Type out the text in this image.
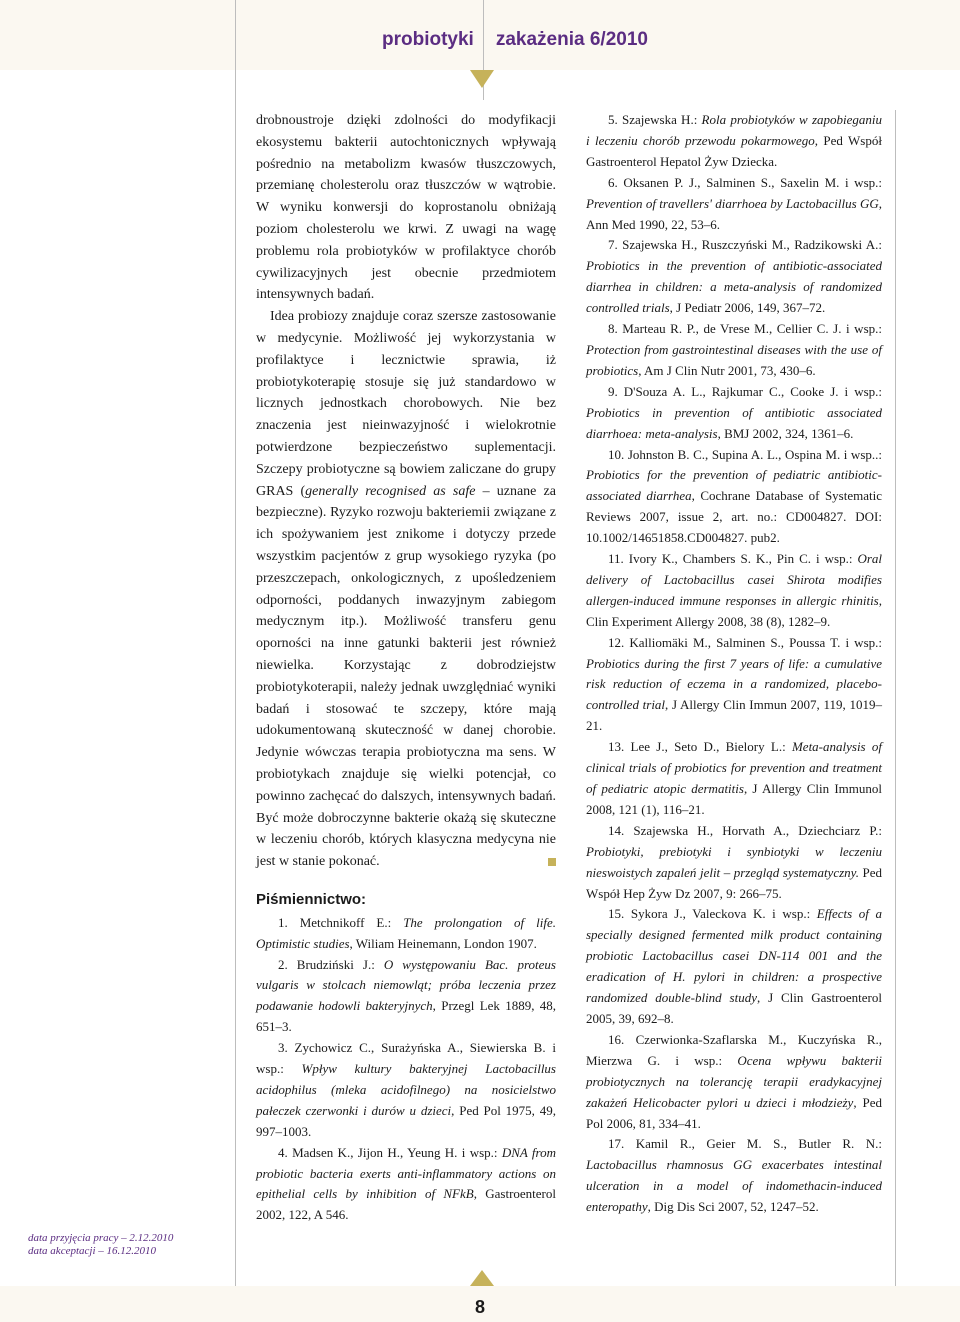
probiotyki zakażenia 6/2010
data przyjęcia pracy – 2.12.2010
data akceptacji – 16.12.2010

drobnoustroje dzięki zdolności do modyfikacji ekosystemu bakterii autochtonicznych wpływają pośrednio na metabolizm kwasów tłuszczowych, przemianę cholesterolu oraz tłuszczów w wątrobie. W wyniku konwersji do koprostanolu obniżają poziom cholesterolu we krwi. Z uwagi na wagę problemu rola probiotyków w profilaktyce chorób cywilizacyjnych jest obecnie przedmiotem intensywnych badań.

Idea probiozy znajduje coraz szersze zastosowanie w medycynie. Możliwość jej wykorzystania w profilaktyce i lecznictwie sprawia, iż probiotykoterapię stosuje się już standardowo w licznych jednostkach chorobowych. Nie bez znaczenia jest nieinwazyjność i wielokrotnie potwierdzone bezpieczeństwo suplementacji. Szczepy probiotyczne są bowiem zaliczane do grupy GRAS (generally recognised as safe – uznane za bezpieczne). Ryzyko rozwoju bakteriemii związane z ich spożywaniem jest znikome i dotyczy przede wszystkim pacjentów z grup wysokiego ryzyka (po przeszczepach, onkologicznych, z upośledzeniem odporności, poddanych inwazyjnym zabiegom medycznym itp.). Możliwość transferu genu oporności na inne gatunki bakterii jest również niewielka. Korzystając z dobrodziejstw probiotykoterapii, należy jednak uwzględniać wyniki badań i stosować te szczepy, które mają udokumentowaną skuteczność w danej chorobie. Jedynie wówczas terapia probiotyczna ma sens. W probiotykach znajduje się wielki potencjał, co powinno zachęcać do dalszych, intensywnych badań. Być może dobroczynne bakterie okażą się skuteczne w leczeniu chorób, których klasyczna medycyna nie jest w stanie pokonać.

Piśmiennictwo:

1. Metchnikoff E.: The prolongation of life. Optimistic studies, Wiliam Heinemann, London 1907.

2. Brudziński J.: O występowaniu Bac. proteus vulgaris w stolcach niemowląt; próba leczenia przez podawanie hodowli bakteryjnych, Przegl Lek 1889, 48, 651–3.

3. Zychowicz C., Surażyńska A., Siewierska B. i wsp.: Wpływ kultury bakteryjnej Lactobacillus acidophilus (mleka acidofilnego) na nosicielstwo pałeczek czerwonki i durów u dzieci, Ped Pol 1975, 49, 997–1003.

4. Madsen K., Jijon H., Yeung H. i wsp.: DNA from probiotic bacteria exerts anti-inflammatory actions on epithelial cells by inhibition of NFkB, Gastroenterol 2002, 122, A 546.

5. Szajewska H.: Rola probiotyków w zapobieganiu i leczeniu chorób przewodu pokarmowego, Ped Współ Gastroenterol Hepatol Żyw Dziecka.

6. Oksanen P. J., Salminen S., Saxelin M. i wsp.: Prevention of travellers' diarrhoea by Lactobacillus GG, Ann Med 1990, 22, 53–6.

7. Szajewska H., Ruszczyński M., Radzikowski A.: Probiotics in the prevention of antibiotic-associated diarrhea in children: a meta-analysis of randomized controlled trials, J Pediatr 2006, 149, 367–72.

8. Marteau R. P., de Vrese M., Cellier C. J. i wsp.: Protection from gastrointestinal diseases with the use of probiotics, Am J Clin Nutr 2001, 73, 430–6.

9. D'Souza A. L., Rajkumar C., Cooke J. i wsp.: Probiotics in prevention of antibiotic associated diarrhoea: meta-analysis, BMJ 2002, 324, 1361–6.

10. Johnston B. C., Supina A. L., Ospina M. i wsp..: Probiotics for the prevention of pediatric antibiotic-associated diarrhea, Cochrane Database of Systematic Reviews 2007, issue 2, art. no.: CD004827. DOI: 10.1002/14651858.CD004827. pub2.

11. Ivory K., Chambers S. K., Pin C. i wsp.: Oral delivery of Lactobacillus casei Shirota modifies allergen-induced immune responses in allergic rhinitis, Clin Experiment Allergy 2008, 38 (8), 1282–9.

12. Kalliomäki M., Salminen S., Poussa T. i wsp.: Probiotics during the first 7 years of life: a cumulative risk reduction of eczema in a randomized, placebo-controlled trial, J Allergy Clin Immun 2007, 119, 1019–21.

13. Lee J., Seto D., Bielory L.: Meta-analysis of clinical trials of probiotics for prevention and treatment of pediatric atopic dermatitis, J Allergy Clin Immunol 2008, 121 (1), 116–21.

14. Szajewska H., Horvath A., Dziechciarz P.: Probiotyki, prebiotyki i synbiotyki w leczeniu nieswoistych zapaleń jelit – przegląd systematyczny. Ped Współ Hep Żyw Dz 2007, 9: 266–75.

15. Sykora J., Valeckova K. i wsp.: Effects of a specially designed fermented milk product containing probiotic Lactobacillus casei DN-114 001 and the eradication of H. pylori in children: a prospective randomized double-blind study, J Clin Gastroenterol 2005, 39, 692–8.

16. Czerwionka-Szaflarska M., Kuczyńska R., Mierzwa G. i wsp.: Ocena wpływu bakterii probiotycznych na tolerancję terapii eradykacyjnej zakażeń Helicobacter pylori u dzieci i młodzieży, Ped Pol 2006, 81, 334–41.

17. Kamil R., Geier M. S., Butler R. N.: Lactobacillus rhamnosus GG exacerbates intestinal ulceration in a model of indomethacin-induced enteropathy, Dig Dis Sci 2007, 52, 1247–52.

8
